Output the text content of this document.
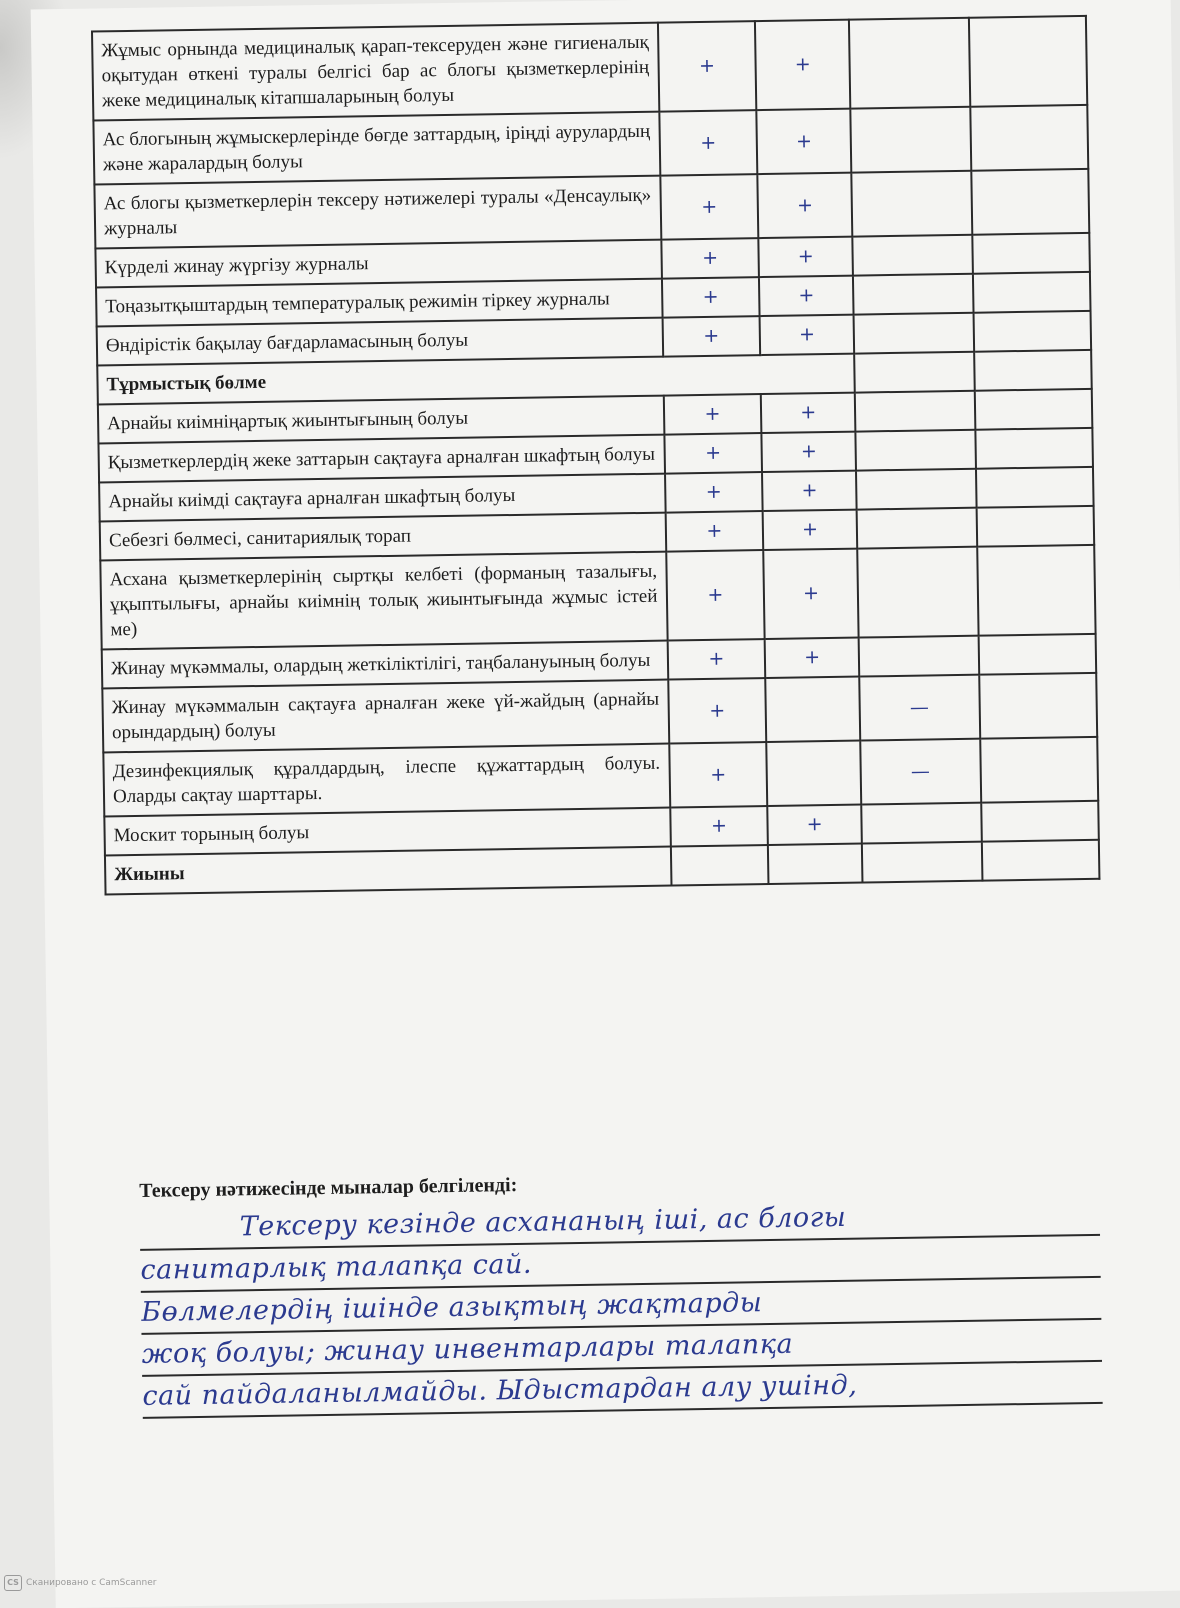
Жұмыс орнында медициналық қарап-тексеруден және гигиеналық оқытудан өткені туралы белгісі бар ас блогы қызметкерлерінің жеке медициналық кітапшаларының болуы	+	+		
Ас блогының жұмыскерлерінде бөгде заттардың, іріңді аурулардың және жаралардың болуы	+	+		
Ас блогы қызметкерлерін тексеру нәтижелері туралы «Денсаулық» журналы	+	+		
Күрделі жинау жүргізу журналы	+	+		
Тоңазытқыштардың температуралық режимін тіркеу журналы	+	+		
Өндірістік бақылау бағдарламасының болуы	+	+		
Тұрмыстық бөлме				
Арнайы киімніңартық жиынтығының болуы	+	+		
Қызметкерлердің жеке заттарын сақтауға арналған шкафтың болуы	+	+		
Арнайы киімді сақтауға арналған шкафтың болуы	+	+		
Себезгі бөлмесі, санитариялық торап	+	+		
Асхана қызметкерлерінің сыртқы келбеті (форманың тазалығы, ұқыптылығы, арнайы киімнің толық жиынтығында жұмыс істей ме)	+	+		
Жинау мүкәммалы, олардың жеткіліктілігі, таңбалануының болуы	+	+		
Жинау мүкәммалын сақтауға арналған жеке үй-жайдың (арнайы орындардың) болуы	+		—	
Дезинфекциялық құралдардың, ілеспе құжаттардың болуы. Оларды сақтау шарттары.	+		—	
Москит торының болуы	+	+		
Жиыны				
Тексеру нәтижесінде мыналар белгіленді:
Тексеру кезінде асхананың іші, ас блогы
санитарлық талапқа сай.
Бөлмелердің ішінде азықтың жақтарды
жоқ болуы; жинау инвентарлары талапқа
сай пайдаланылмайды. Ыдыстардан алу ушінд,
CS Сканировано с CamScanner
